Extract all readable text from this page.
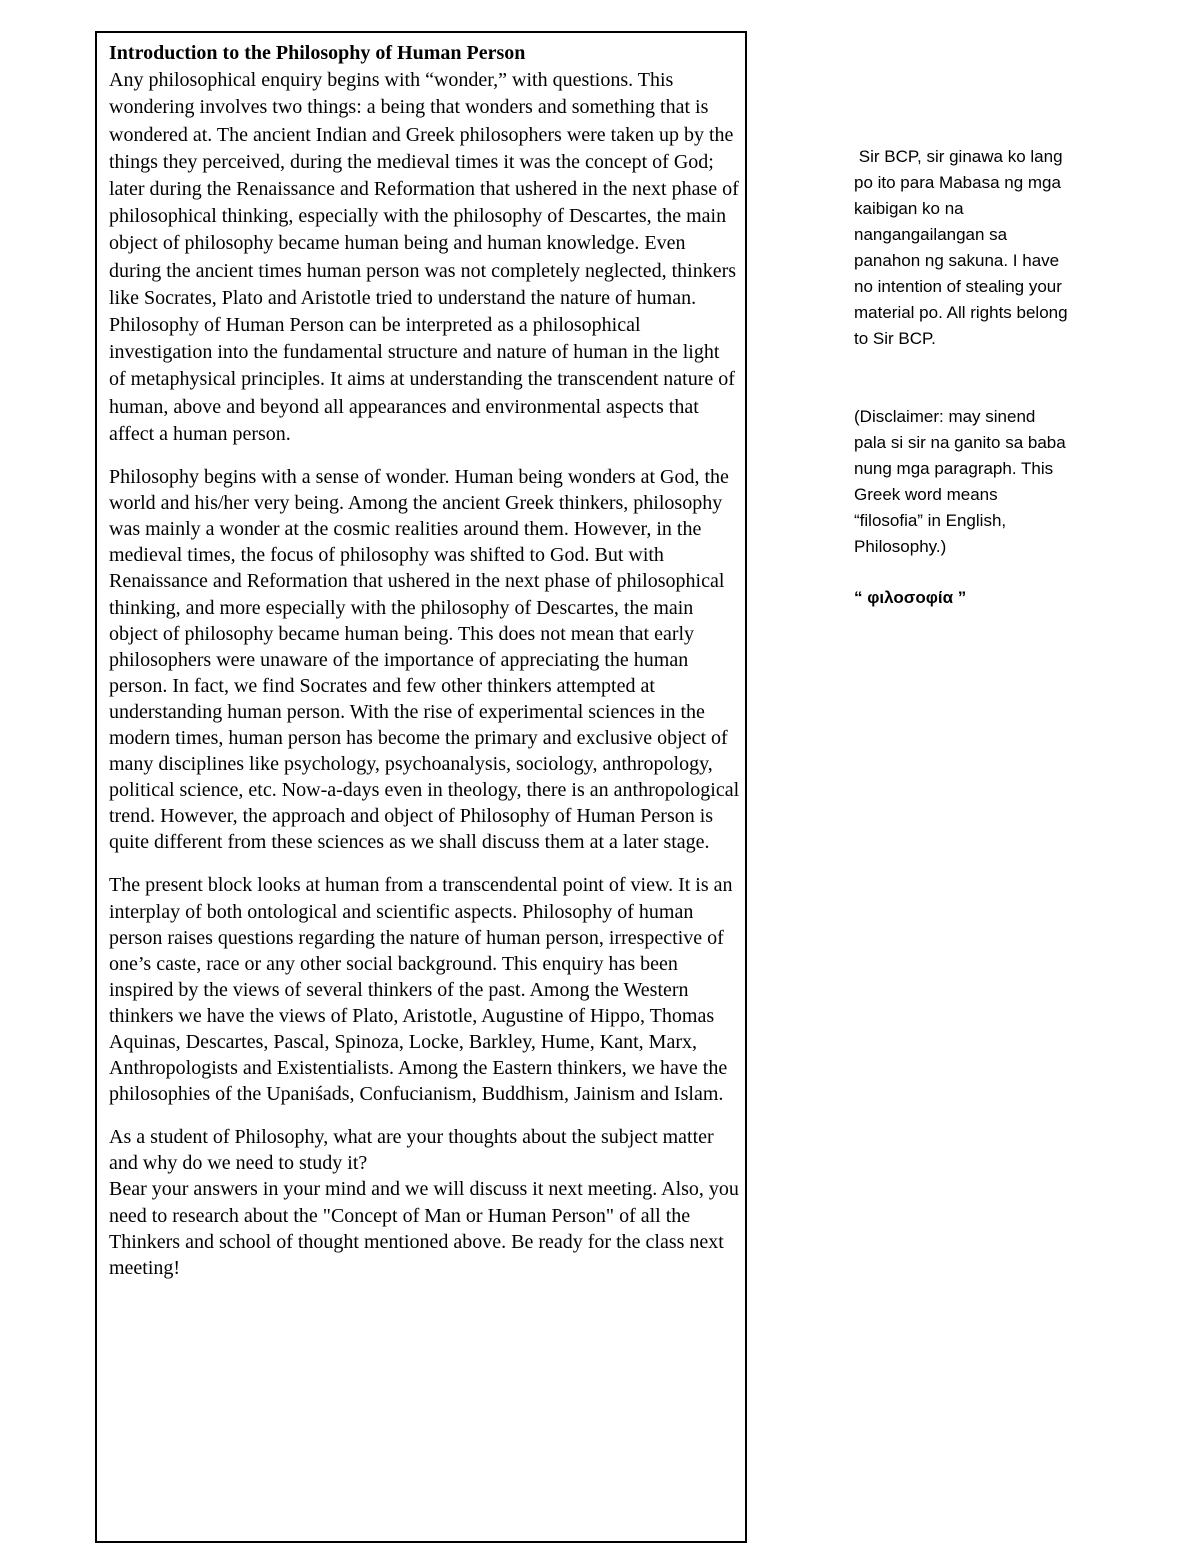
Introduction to the Philosophy of Human Person
Any philosophical enquiry begins with “wonder,” with questions. This wondering involves two things: a being that wonders and something that is wondered at. The ancient Indian and Greek philosophers were taken up by the things they perceived, during the medieval times it was the concept of God; later during the Renaissance and Reformation that ushered in the next phase of philosophical thinking, especially with the philosophy of Descartes, the main object of philosophy became human being and human knowledge. Even during the ancient times human person was not completely neglected, thinkers like Socrates, Plato and Aristotle tried to understand the nature of human. Philosophy of Human Person can be interpreted as a philosophical investigation into the fundamental structure and nature of human in the light of metaphysical principles. It aims at understanding the transcendent nature of human, above and beyond all appearances and environmental aspects that affect a human person.

Philosophy begins with a sense of wonder. Human being wonders at God, the world and his/her very being. Among the ancient Greek thinkers, philosophy was mainly a wonder at the cosmic realities around them. However, in the medieval times, the focus of philosophy was shifted to God. But with Renaissance and Reformation that ushered in the next phase of philosophical thinking, and more especially with the philosophy of Descartes, the main object of philosophy became human being. This does not mean that early philosophers were unaware of the importance of appreciating the human person. In fact, we find Socrates and few other thinkers attempted at understanding human person. With the rise of experimental sciences in the modern times, human person has become the primary and exclusive object of many disciplines like psychology, psychoanalysis, sociology, anthropology, political science, etc. Now-a-days even in theology, there is an anthropological trend. However, the approach and object of Philosophy of Human Person is quite different from these sciences as we shall discuss them at a later stage.

The present block looks at human from a transcendental point of view. It is an interplay of both ontological and scientific aspects. Philosophy of human person raises questions regarding the nature of human person, irrespective of one’s caste, race or any other social background. This enquiry has been inspired by the views of several thinkers of the past. Among the Western thinkers we have the views of Plato, Aristotle, Augustine of Hippo, Thomas Aquinas, Descartes, Pascal, Spinoza, Locke, Barkley, Hume, Kant, Marx, Anthropologists and Existentialists. Among the Eastern thinkers, we have the philosophies of the Upaniśads, Confucianism, Buddhism, Jainism and Islam.

As a student of Philosophy, what are your thoughts about the subject matter and why do we need to study it?
Bear your answers in your mind and we will discuss it next meeting. Also, you need to research about the "Concept of Man or Human Person" of all the Thinkers and school of thought mentioned above. Be ready for the class next meeting!

Sir BCP, sir ginawa ko lang po ito para Mabasa ng mga kaibigan ko na nangangailangan sa panahon ng sakuna. I have no intention of stealing your material po. All rights belong to Sir BCP.

(Disclaimer: may sinend pala si sir na ganito sa baba nung mga paragraph. This Greek word means “filosofia” in English, Philosophy.)

“ φιλοσοφία ”
